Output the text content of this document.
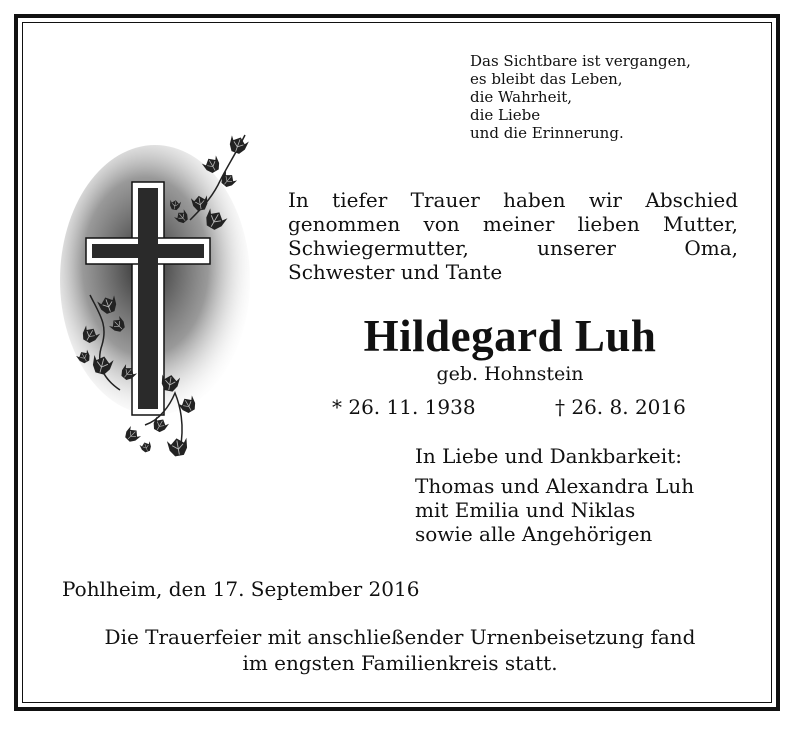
Das Sichtbare ist vergangen,
es bleibt das Leben,
die Wahrheit,
die Liebe
und die Erinnerung.
In tiefer Trauer haben wir Abschied
genommen von meiner lieben Mutter,
Schwiegermutter, unserer Oma,
Schwester und Tante
Hildegard Luh
geb. Hohnstein
* 26. 11. 1938	† 26. 8. 2016
In Liebe und Dankbarkeit:
Thomas und Alexandra Luh
mit Emilia und Niklas
sowie alle Angehörigen
Pohlheim, den 17. September 2016
Die Trauerfeier mit anschließender Urnenbeisetzung fand
im engsten Familienkreis statt.
